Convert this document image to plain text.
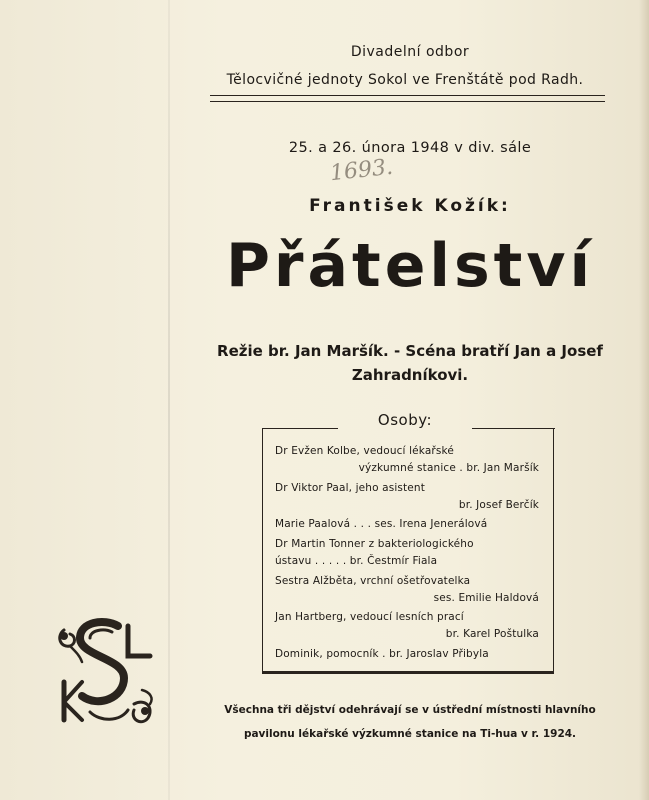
Divadelní odbor
Tělocvičné jednoty Sokol ve Frenštátě pod Radh.
25. a 26. února 1948 v div. sále
1693.
František Kožík:
Přátelství
Režie br. Jan Maršík. - Scéna bratří Jan a Josef
Zahradníkovi.
Osoby:
Dr Evžen Kolbe, vedoucí lékařské
výzkumné stanice . br. Jan Maršík
Dr Viktor Paal, jeho asistent
br. Josef Berčík
Marie Paalová . . . ses. Irena Jenerálová
Dr Martin Tonner z bakteriologického
ústavu . . . . . br. Čestmír Fiala
Sestra Alžběta, vrchní ošetřovatelka
ses. Emilie Haldová
Jan Hartberg, vedoucí lesních prací
br. Karel Poštulka
Dominik, pomocník . br. Jaroslav Přibyla
Všechna tři dějství odehrávají se v ústřední místnosti hlavního
pavilonu lékařské výzkumné stanice na Ti-hua v r. 1924.
